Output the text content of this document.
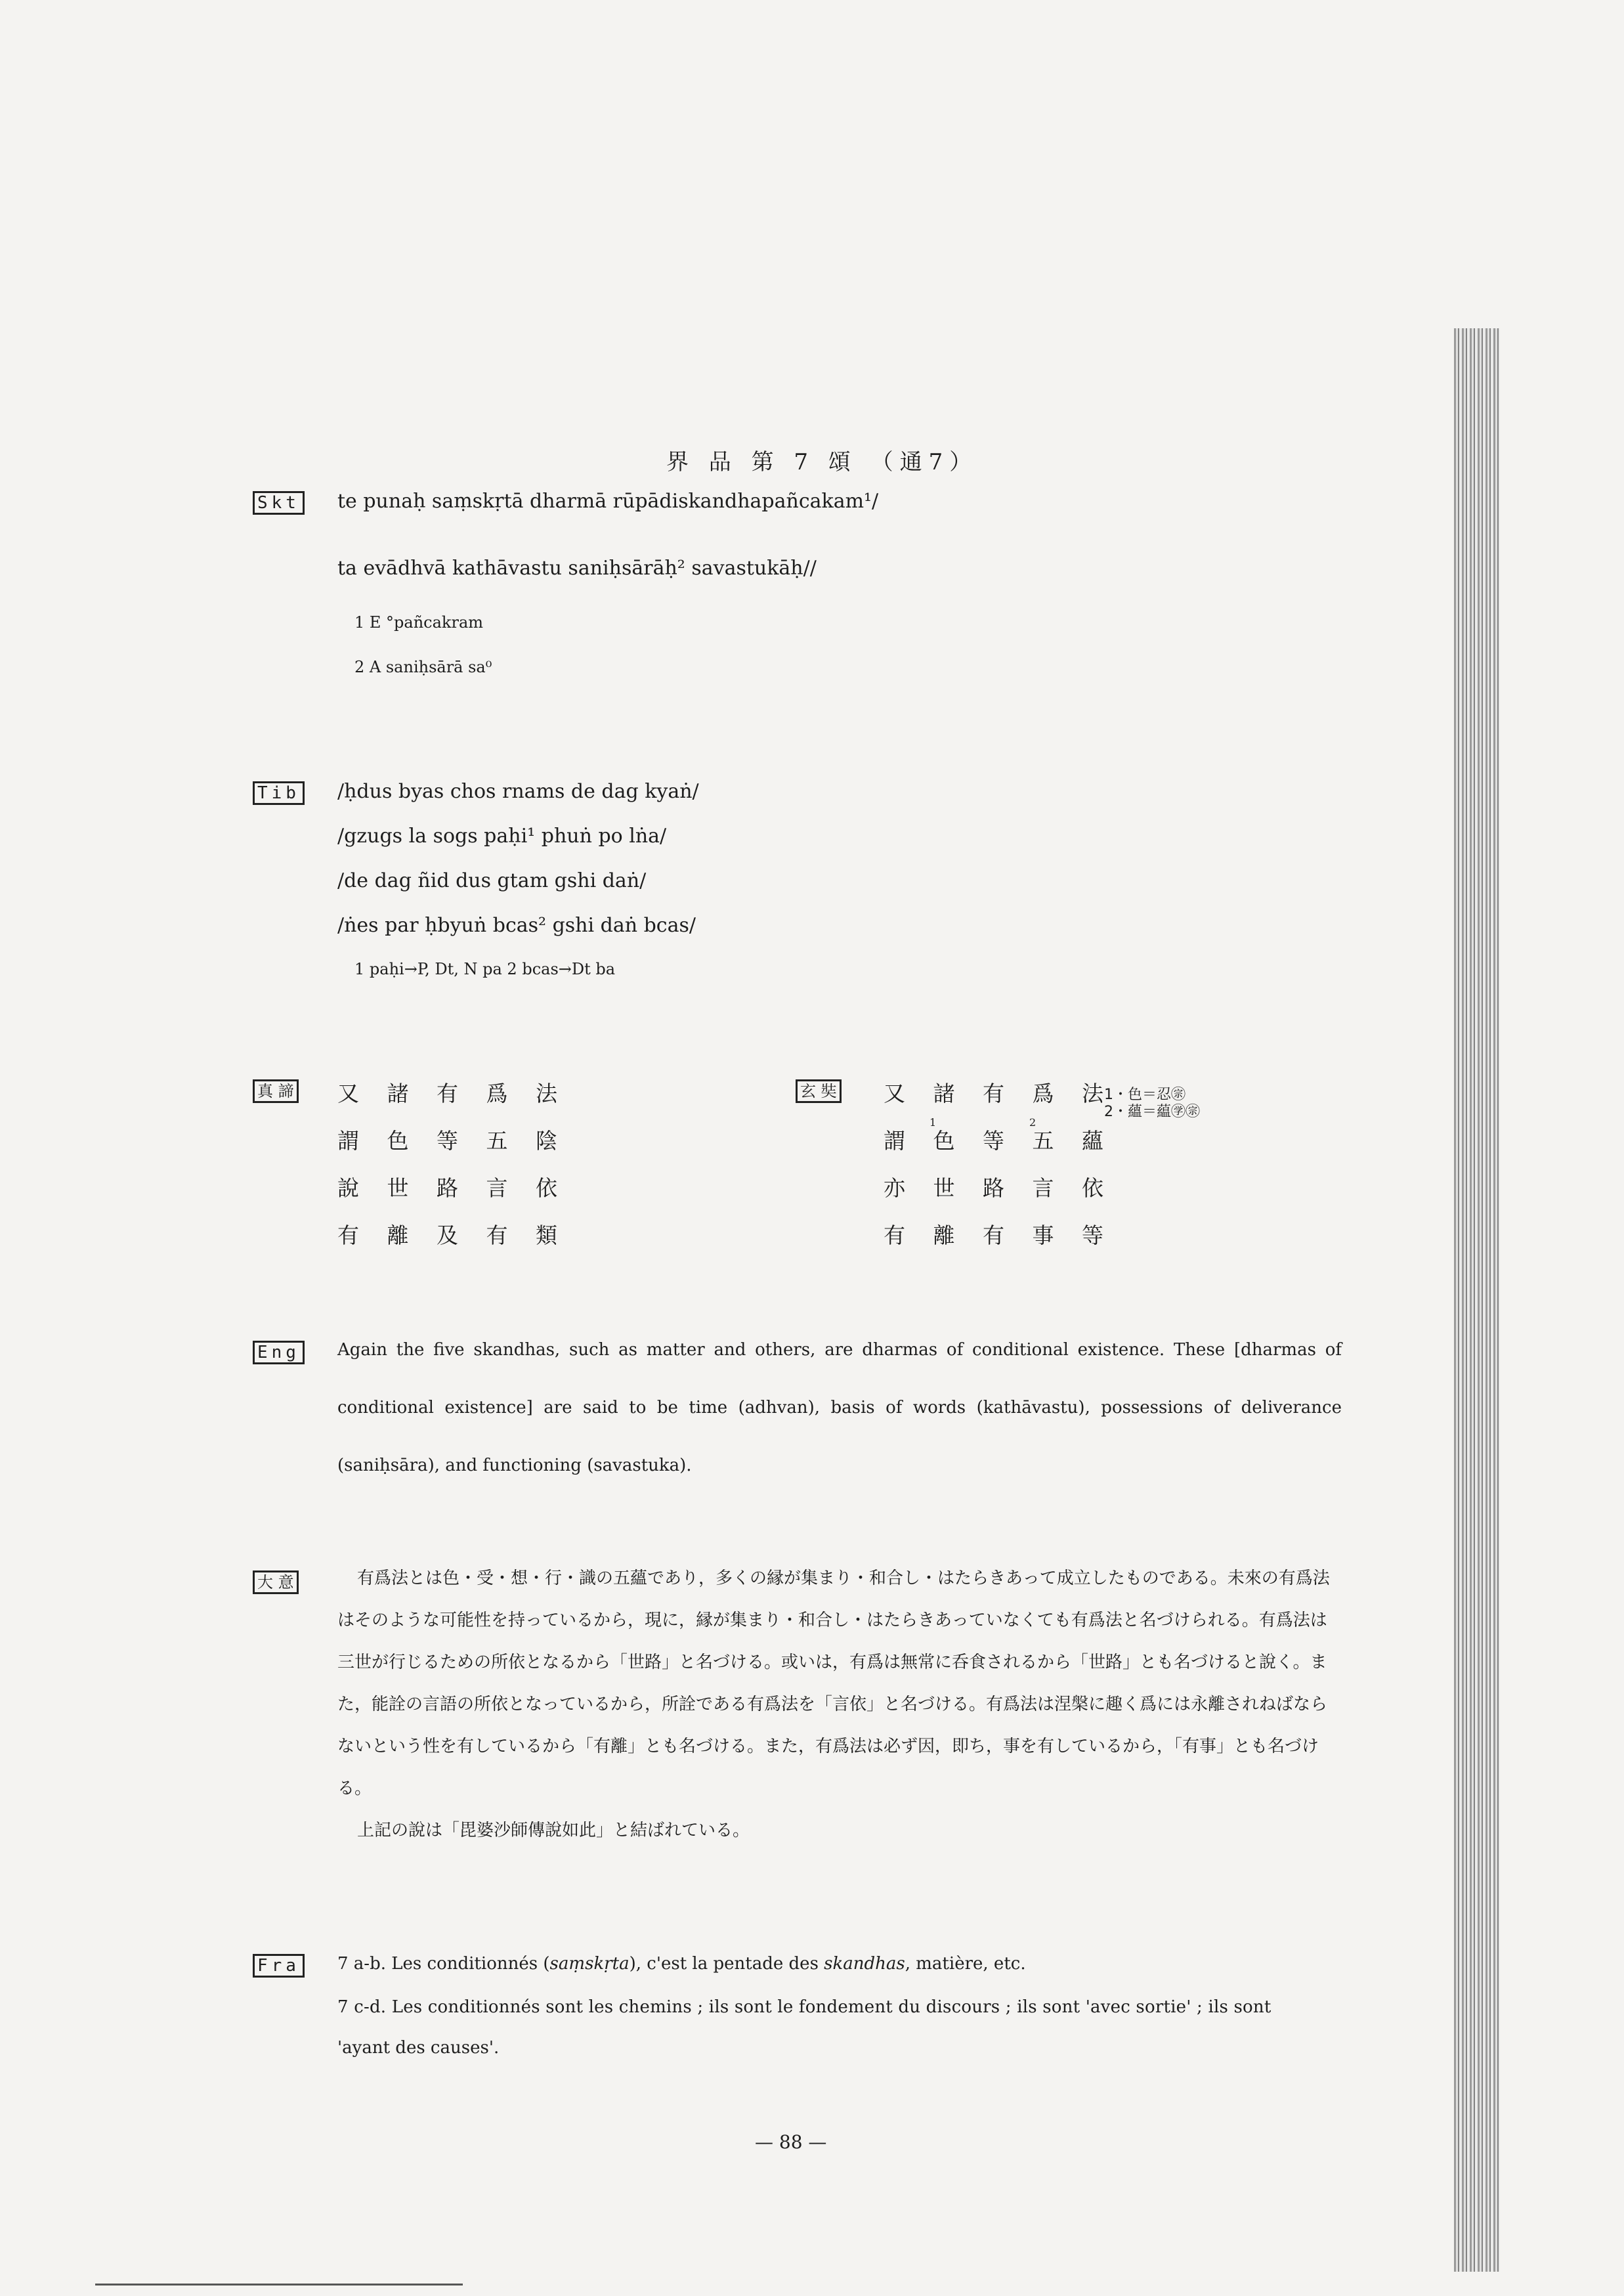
界 品 第 7 頌 （通7）
Skt te punaḥ saṃskṛtā dharmā rūpādiskandhapañcakam¹/
ta evādhvā kathāvastu saniḥsārāḥ² savastukāḥ//
1 E °pañcakram
2 A saniḥsārā sa⁰
Tib /ḥdus byas chos rnams de dag kyaṅ/
/gzugs la sogs paḥi¹ phuṅ po lṅa/
/de dag ñid dus gtam gshi daṅ/
/ṅes par ḥbyuṅ bcas² gshi daṅ bcas/
1 paḥi→P, Dt, N pa 2 bcas→Dt ba
真 諦 又 諸 有 爲 法
謂 色 等 五 陰
說 世 路 言 依
有 離 及 有 類
玄 奘 又 諸 有 爲 法
1	2
謂 色 等 五 蘊
亦 世 路 言 依
有 離 有 事 等
1・色＝忍㊪
2・蘊＝藴㊫㊪
Eng Again the five skandhas, such as matter and others, are dharmas of conditional existence. These [dharmas of conditional existence] are said to be time (adhvan), basis of words (kathāvastu), possessions of deliverance (saniḥsāra), and functioning (savastuka).
大 意	有爲法とは色・受・想・行・識の五蘊であり，多くの縁が集まり・和合し・はたらきあって成立したものである。未來の有爲法はそのような可能性を持っているから，現に，縁が集まり・和合し・はたらきあっていなくても有爲法と名づけられる。有爲法は三世が行じるための所依となるから「世路」と名づける。或いは，有爲は無常に呑食されるから「世路」とも名づけると說く。また，能詮の言語の所依となっているから，所詮である有爲法を「言依」と名づける。有爲法は涅槃に趣く爲には永離されねばならないという性を有しているから「有離」とも名づける。また，有爲法は必ず因，即ち，事を有しているから，「有事」とも名づける。
上記の說は「毘婆沙師傳說如此」と結ばれている。
Fra 7 a-b. Les conditionnés (saṃskṛta), c'est la pentade des skandhas, matière, etc.
7 c-d. Les conditionnés sont les chemins ; ils sont le fondement du discours ; ils sont 'avec sortie' ; ils sont
'ayant des causes'.
— 88 —
